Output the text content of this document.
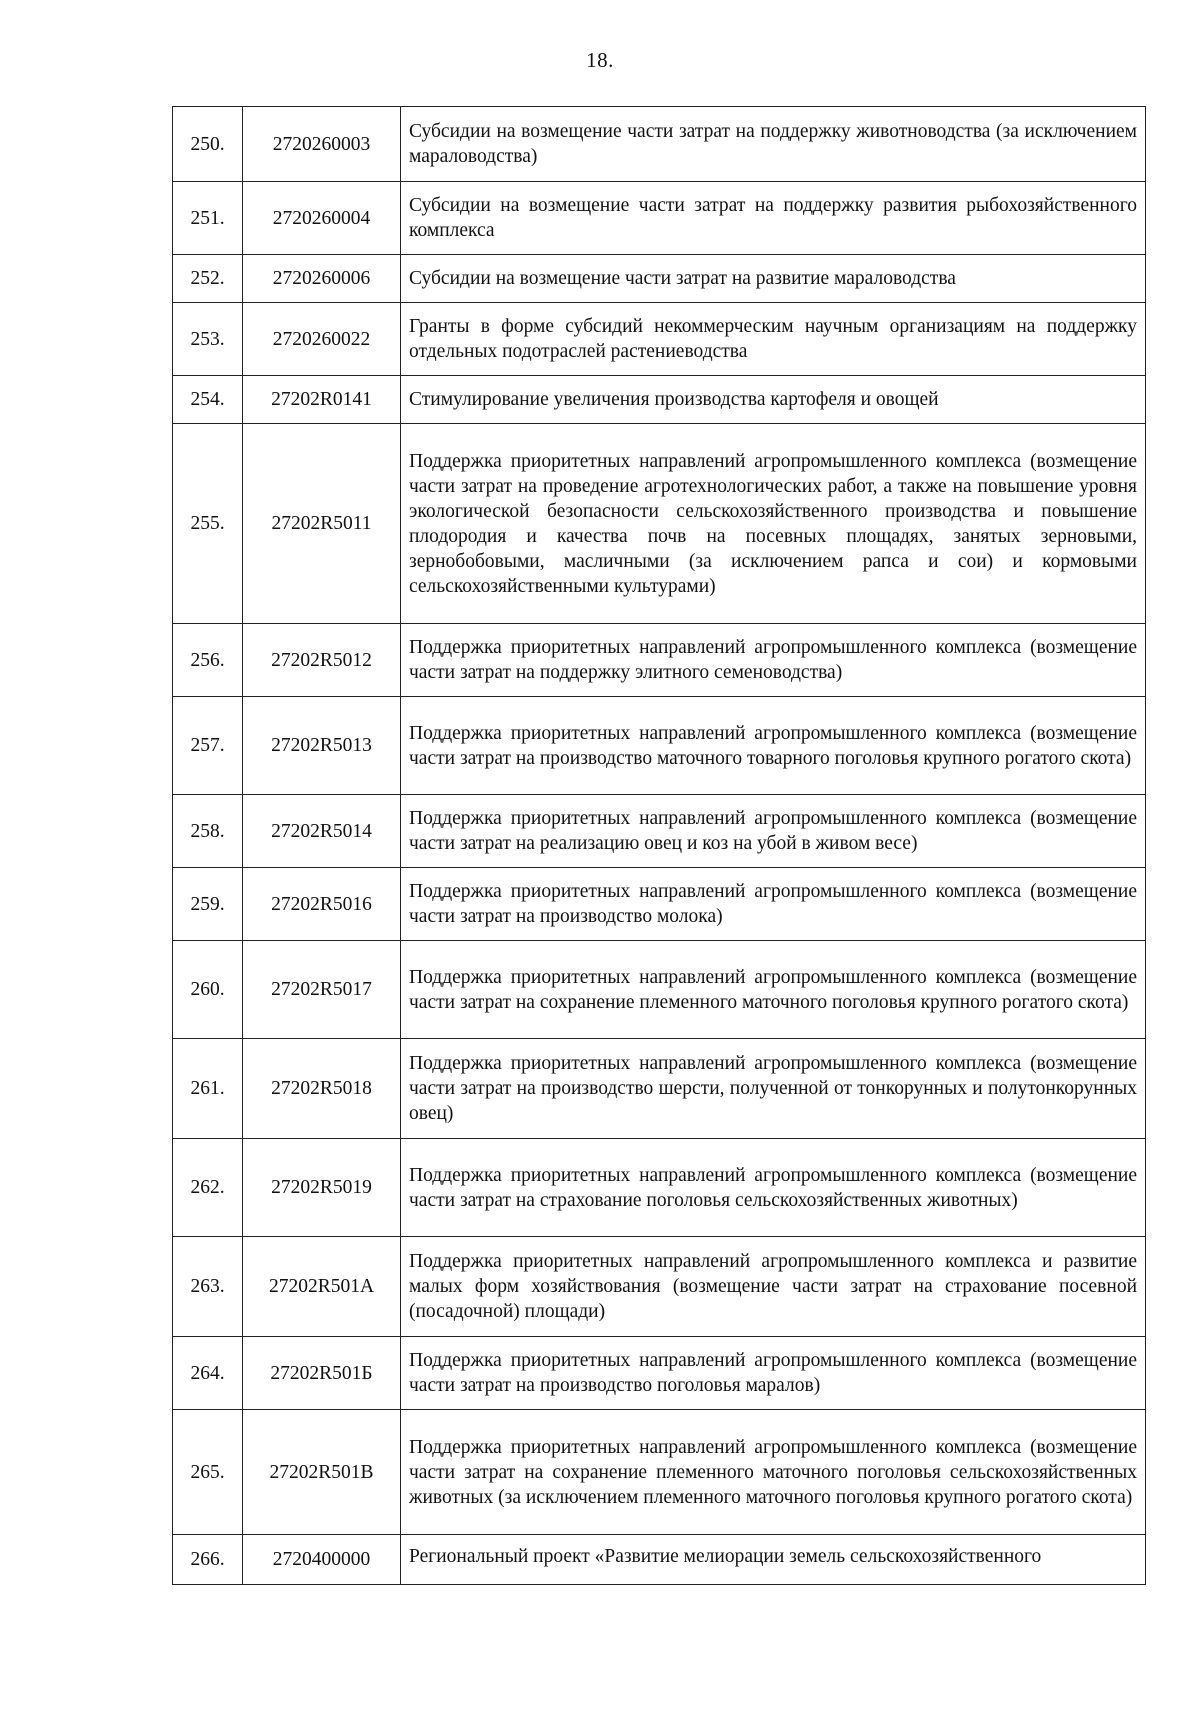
18.
250.	2720260003	Субсидии на возмещение части затрат на поддержку животноводства (за исключением мараловодства)
251.	2720260004	Субсидии на возмещение части затрат на поддержку развития рыбохозяйственного комплекса
252.	2720260006	Субсидии на возмещение части затрат на развитие мараловодства
253.	2720260022	Гранты в форме субсидий некоммерческим научным организациям на поддержку отдельных подотраслей растениеводства
254.	27202R0141	Стимулирование увеличения производства картофеля и овощей
255.	27202R5011	Поддержка приоритетных направлений агропромышленного комплекса (возмещение части затрат на проведение агротехнологических работ, а также на повышение уровня экологической безопасности сельскохозяйственного производства и повышение плодородия и качества почв на посевных площадях, занятых зерновыми, зернобобовыми, масличными (за исключением рапса и сои) и кормовыми сельскохозяйственными культурами)
256.	27202R5012	Поддержка приоритетных направлений агропромышленного комплекса (возмещение части затрат на поддержку элитного семеноводства)
257.	27202R5013	Поддержка приоритетных направлений агропромышленного комплекса (возмещение части затрат на производство маточного товарного поголовья крупного рогатого скота)
258.	27202R5014	Поддержка приоритетных направлений агропромышленного комплекса (возмещение части затрат на реализацию овец и коз на убой в живом весе)
259.	27202R5016	Поддержка приоритетных направлений агропромышленного комплекса (возмещение части затрат на производство молока)
260.	27202R5017	Поддержка приоритетных направлений агропромышленного комплекса (возмещение части затрат на сохранение племенного маточного поголовья крупного рогатого скота)
261.	27202R5018	Поддержка приоритетных направлений агропромышленного комплекса (возмещение части затрат на производство шерсти, полученной от тонкорунных и полутонкорунных овец)
262.	27202R5019	Поддержка приоритетных направлений агропромышленного комплекса (возмещение части затрат на страхование поголовья сельскохозяйственных животных)
263.	27202R501А	Поддержка приоритетных направлений агропромышленного комплекса и развитие малых форм хозяйствования (возмещение части затрат на страхование посевной (посадочной) площади)
264.	27202R501Б	Поддержка приоритетных направлений агропромышленного комплекса (возмещение части затрат на производство поголовья маралов)
265.	27202R501В	Поддержка приоритетных направлений агропромышленного комплекса (возмещение части затрат на сохранение племенного маточного поголовья сельскохозяйственных животных (за исключением племенного маточного поголовья крупного рогатого скота)
266.	2720400000	Региональный проект «Развитие мелиорации земель сельскохозяйственного
